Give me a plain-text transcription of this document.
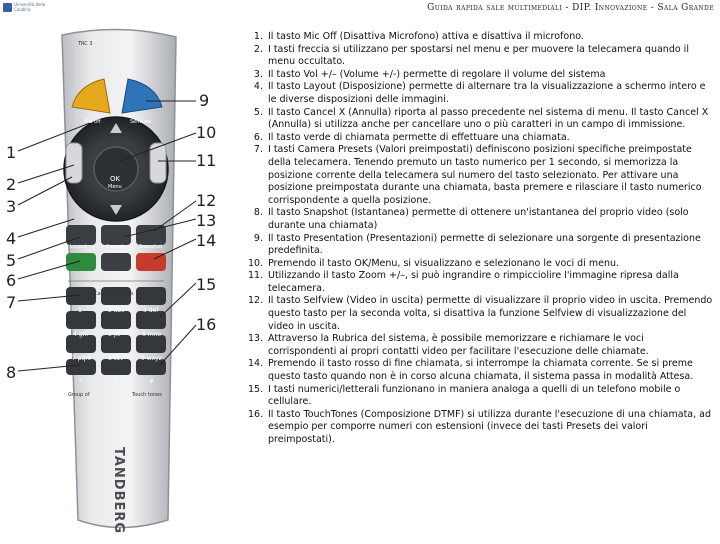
Università della Calabria	Guida rapida sale multimediali - DIP. Innovazione - Sala Grande
TRC 3
Mic off	Selfview
OK
Menu
Layout	Cancel	Snapshot
Camera Presets
1	2 abc	3 def
4 ghi	5 jkl	6 mno
7 pqrs	8 tuv	9 wxyz
*	0	#
Group of	Touch tones
TANDBERG
1
2
3
4
5
6
7
8
9
10
11
12
13
14
15
16
1. Il tasto Mic Off (Disattiva Microfono) attiva e disattiva il microfono.
2. I tasti freccia si utilizzano per spostarsi nel menu e per muovere la telecamera quando il menu occultato.
3. Il tasto Vol +/– (Volume +/-) permette di regolare il volume del sistema
4. Il tasto Layout (Disposizione) permette di alternare tra la visualizzazione a schermo intero e le diverse disposizioni delle immagini.
5. Il tasto Cancel X (Annulla) riporta al passo precedente nel sistema di menu. Il tasto Cancel X (Annulla) si utilizza anche per cancellare uno o più caratteri in un campo di immissione.
6. Il tasto verde di chiamata permette di effettuare una chiamata.
7. I tasti Camera Presets (Valori preimpostati) definiscono posizioni specifiche preimpostate della telecamera. Tenendo premuto un tasto numerico per 1 secondo, si memorizza la posizione corrente della telecamera sul numero del tasto selezionato. Per attivare una posizione preimpostata durante una chiamata, basta premere e rilasciare il tasto numerico corrispondente a quella posizione.
8. Il tasto Snapshot (Istantanea) permette di ottenere un'istantanea del proprio video (solo durante una chiamata)
9. Il tasto Presentation (Presentazioni) permette di selezionare una sorgente di presentazione predefinita.
10. Premendo il tasto OK/Menu, si visualizzano e selezionano le voci di menu.
11. Utilizzando il tasto Zoom +/–, si può ingrandire o rimpicciolire l'immagine ripresa dalla telecamera.
12. Il tasto Selfview (Video in uscita) permette di visualizzare il proprio video in uscita. Premendo questo tasto per la seconda volta, si disattiva la funzione Selfview di visualizzazione del video in uscita.
13. Attraverso la Rubrica del sistema, è possibile memorizzare e richiamare le voci corrispondenti ai propri contatti video per facilitare l'esecuzione delle chiamate.
14. Premendo il tasto rosso di fine chiamata, si interrompe la chiamata corrente. Se si preme questo tasto quando non è in corso alcuna chiamata, il sistema passa in modalità Attesa.
15. I tasti numerici/letterali funzionano in maniera analoga a quelli di un telefono mobile o cellulare.
16. Il tasto TouchTones (Composizione DTMF) si utilizza durante l'esecuzione di una chiamata, ad esempio per comporre numeri con estensioni (invece dei tasti Presets dei valori preimpostati).
